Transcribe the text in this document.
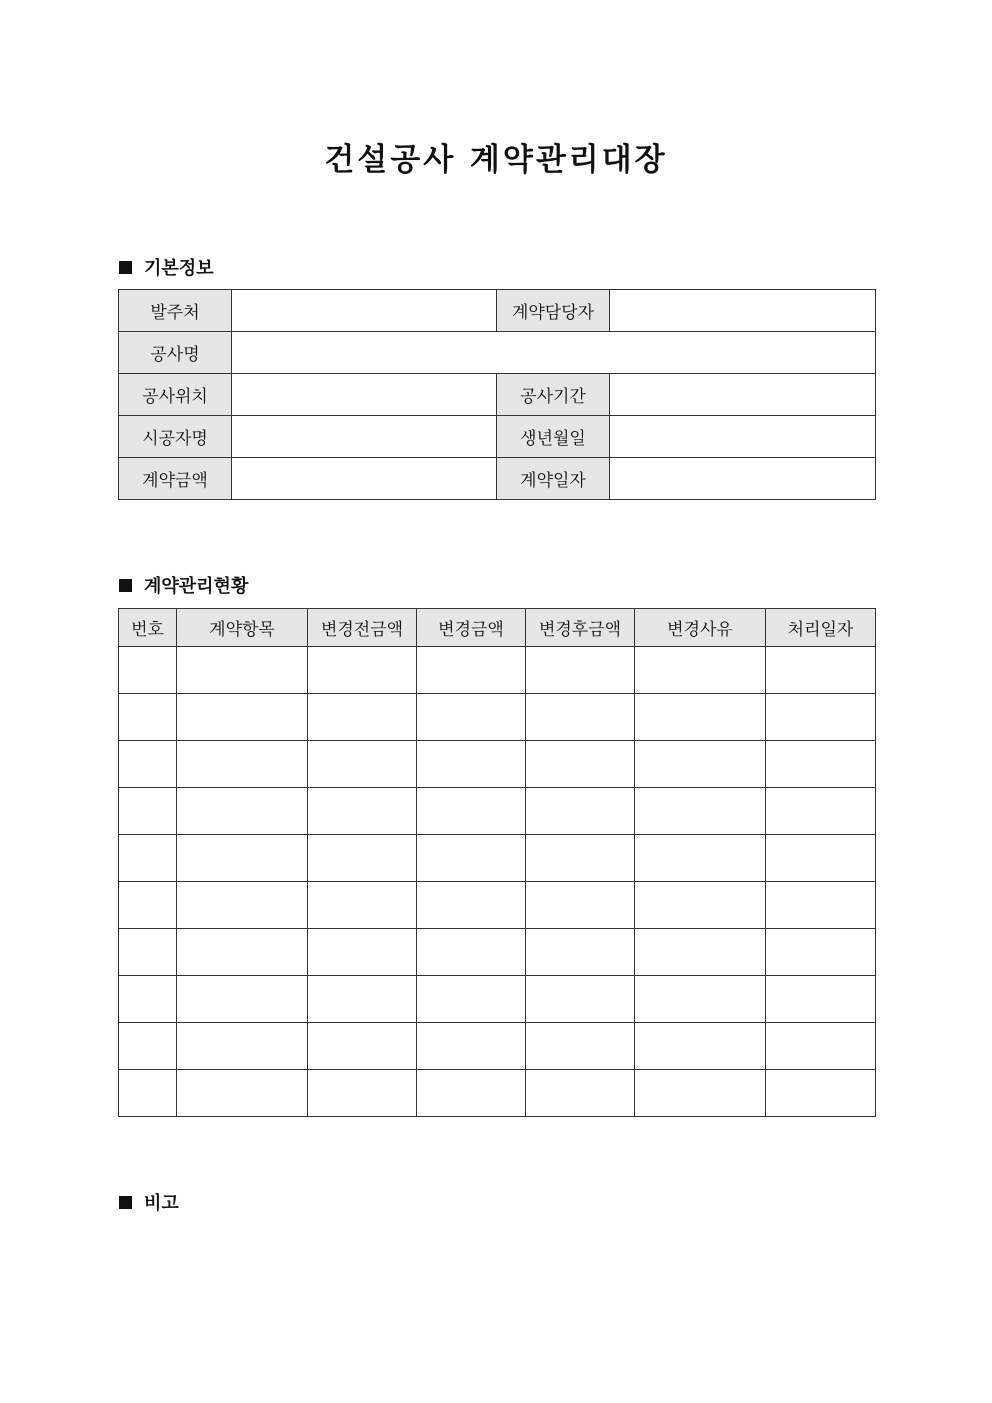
건설공사 계약관리대장
기본정보
발주처		계약담당자	
공사명			
공사위치		공사기간	
시공자명		생년월일	
계약금액		계약일자	
계약관리현황
번호	계약항목	변경전금액	변경금액	변경후금액	변경사유	처리일자

비고
